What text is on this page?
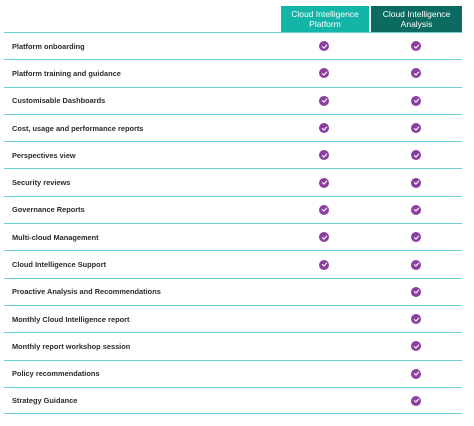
Cloud Intelligence Platform
Cloud Intelligence Analysis
Platform onboarding
Platform training and guidance
Customisable Dashboards
Cost, usage and performance reports
Perspectives view
Security reviews
Governance Reports
Multi-cloud Management
Cloud Intelligence Support
Proactive Analysis and Recommendations
Monthly Cloud Intelligence report
Monthly report workshop session
Policy recommendations
Strategy Guidance
